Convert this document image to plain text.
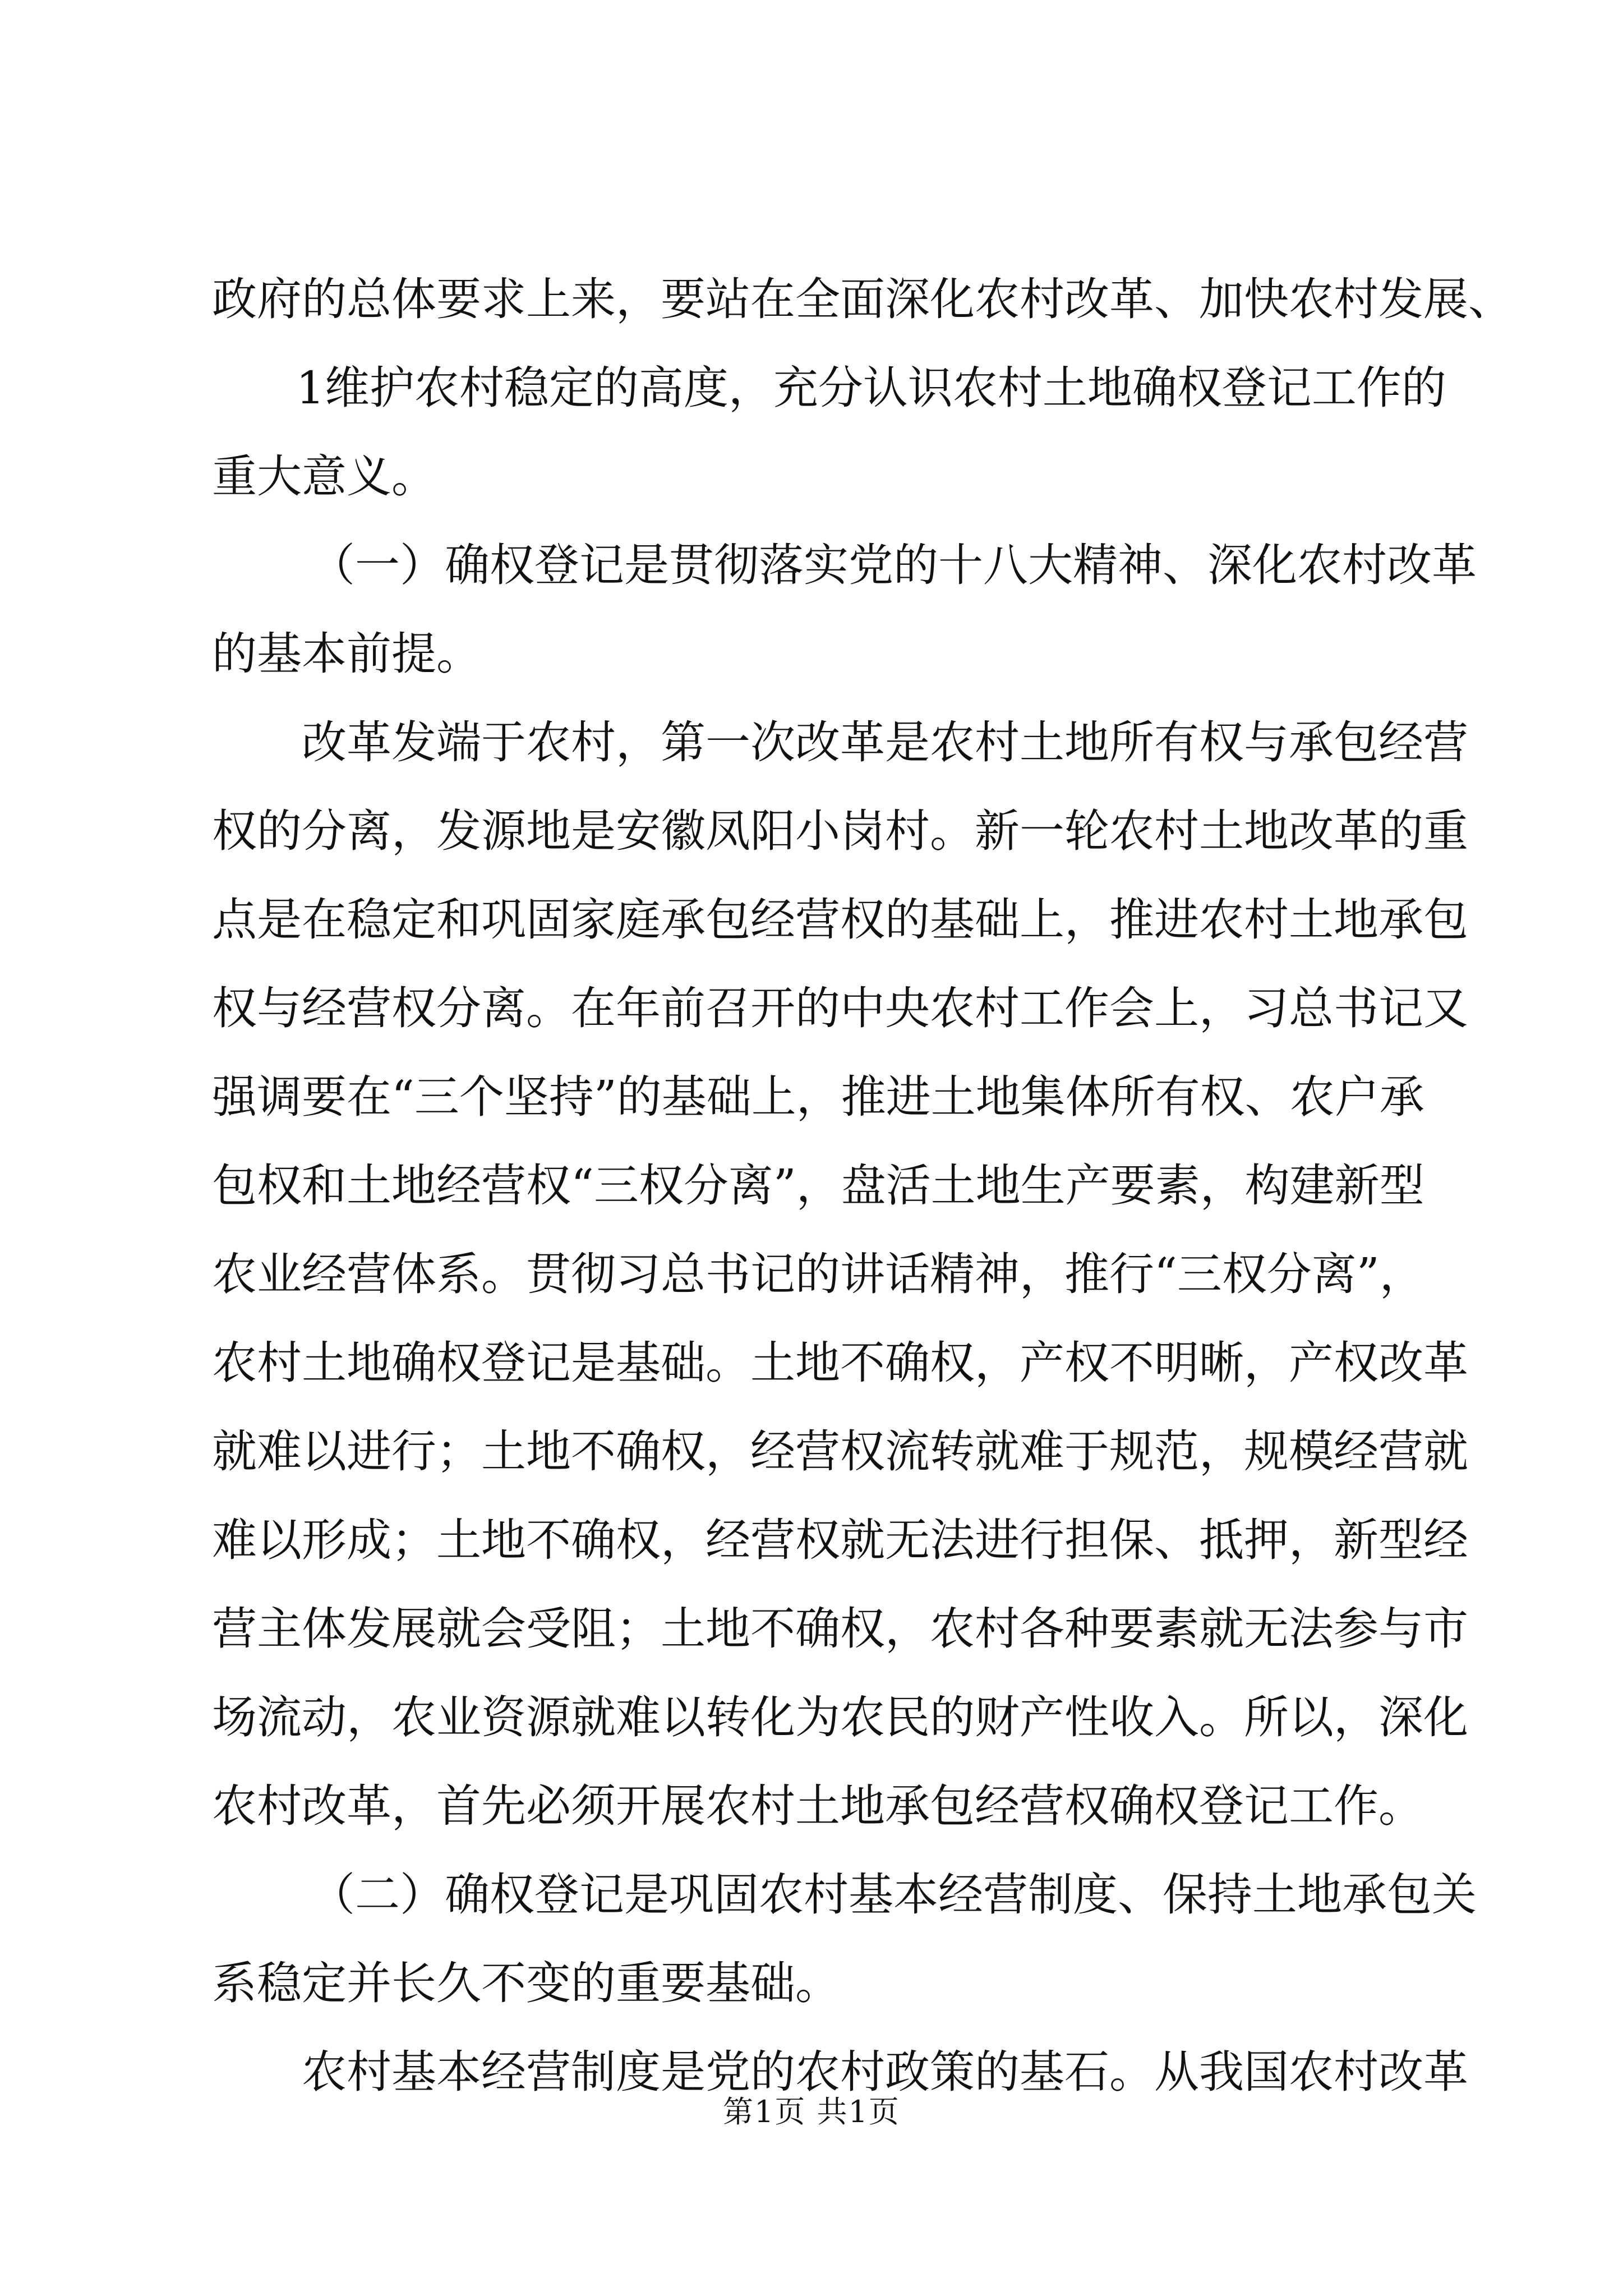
政府的总体要求上来，要站在全面深化农村改革、加快农村发展、
1维护农村稳定的高度，充分认识农村土地确权登记工作的
重大意义。
（一）确权登记是贯彻落实党的十八大精神、深化农村改革
的基本前提。
改革发端于农村，第一次改革是农村土地所有权与承包经营
权的分离，发源地是安徽凤阳小岗村。新一轮农村土地改革的重
点是在稳定和巩固家庭承包经营权的基础上，推进农村土地承包
权与经营权分离。在年前召开的中央农村工作会上，习总书记又
强调要在“三个坚持”的基础上，推进土地集体所有权、农户承
包权和土地经营权“三权分离”，盘活土地生产要素，构建新型
农业经营体系。贯彻习总书记的讲话精神，推行“三权分离”，
农村土地确权登记是基础。土地不确权，产权不明晰，产权改革
就难以进行；土地不确权，经营权流转就难于规范，规模经营就
难以形成；土地不确权，经营权就无法进行担保、抵押，新型经
营主体发展就会受阻；土地不确权，农村各种要素就无法参与市
场流动，农业资源就难以转化为农民的财产性收入。所以，深化
农村改革，首先必须开展农村土地承包经营权确权登记工作。
（二）确权登记是巩固农村基本经营制度、保持土地承包关
系稳定并长久不变的重要基础。
农村基本经营制度是党的农村政策的基石。从我国农村改革
第1页 共1页
